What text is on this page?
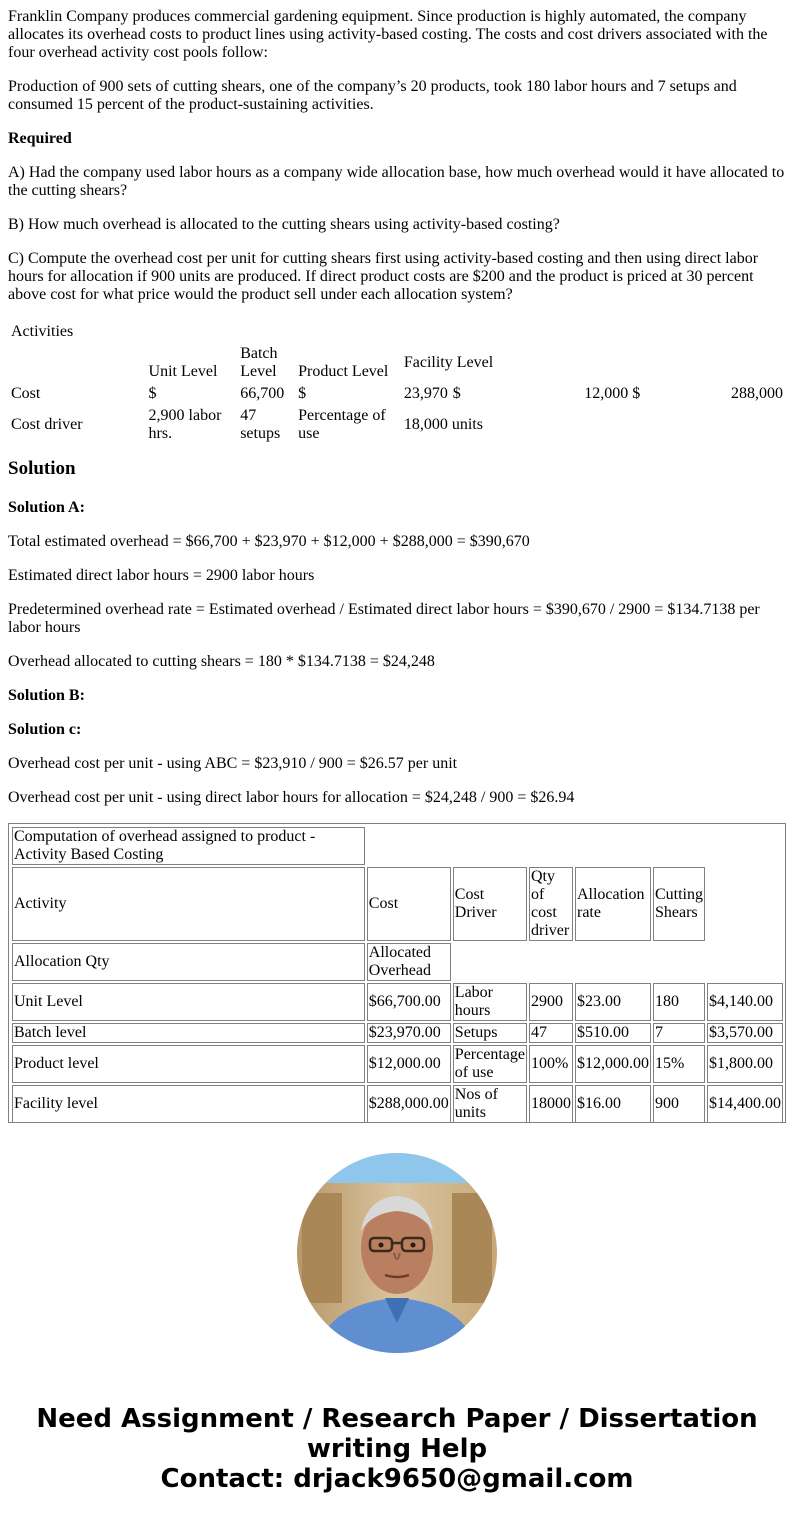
Franklin Company produces commercial gardening equipment. Since production is highly automated, the company allocates its overhead costs to product lines using activity-based costing. The costs and cost drivers associated with the four overhead activity cost pools follow:

Production of 900 sets of cutting shears, one of the company’s 20 products, took 180 labor hours and 7 setups and consumed 15 percent of the product-sustaining activities.

Required

A) Had the company used labor hours as a company wide allocation base, how much overhead would it have allocated to the cutting shears?

B) How much overhead is allocated to the cutting shears using activity-based costing?

C) Compute the overhead cost per unit for cutting shears first using activity-based costing and then using direct labor hours for allocation if 900 units are produced. If direct product costs are $200 and the product is priced at 30 percent above cost for what price would the product sell under each allocation system?

Activities							
	Unit Level	Batch Level	Product Level	Facility Level			
Cost	$	66,700	$	23,970	$	12,000	$ 288,000

Cost driver	2,900 labor hrs.	47 setups	Percentage of use	18,000 units			
Solution

Solution A:

Total estimated overhead = $66,700 + $23,970 + $12,000 + $288,000 = $390,670

Estimated direct labor hours = 2900 labor hours

Predetermined overhead rate = Estimated overhead / Estimated direct labor hours = $390,670 / 2900 = $134.7138 per labor hours

Overhead allocated to cutting shears = 180 * $134.7138 = $24,248

Solution B:

Solution c:

Overhead cost per unit - using ABC = $23,910 / 900 = $26.57 per unit

Overhead cost per unit - using direct labor hours for allocation = $24,248 / 900 = $26.94

Computation of overhead assigned to product - Activity Based Costing						
Activity	Cost	Cost Driver	Qty of cost driver	Allocation rate	Cutting Shears	
Allocation Qty	Allocated Overhead					
Unit Level	$66,700.00	Labor hours	2900	$23.00	180	$4,140.00
Batch level	$23,970.00	Setups	47	$510.00	7	$3,570.00
Product level	$12,000.00	Percentage of use	100%	$12,000.00	15%	$1,800.00
Facility level	$288,000.00	Nos of units	18000	$16.00	900	$14,400.00
Need Assignment / Research Paper / Dissertation
writing Help
Contact: drjack9650@gmail.com
